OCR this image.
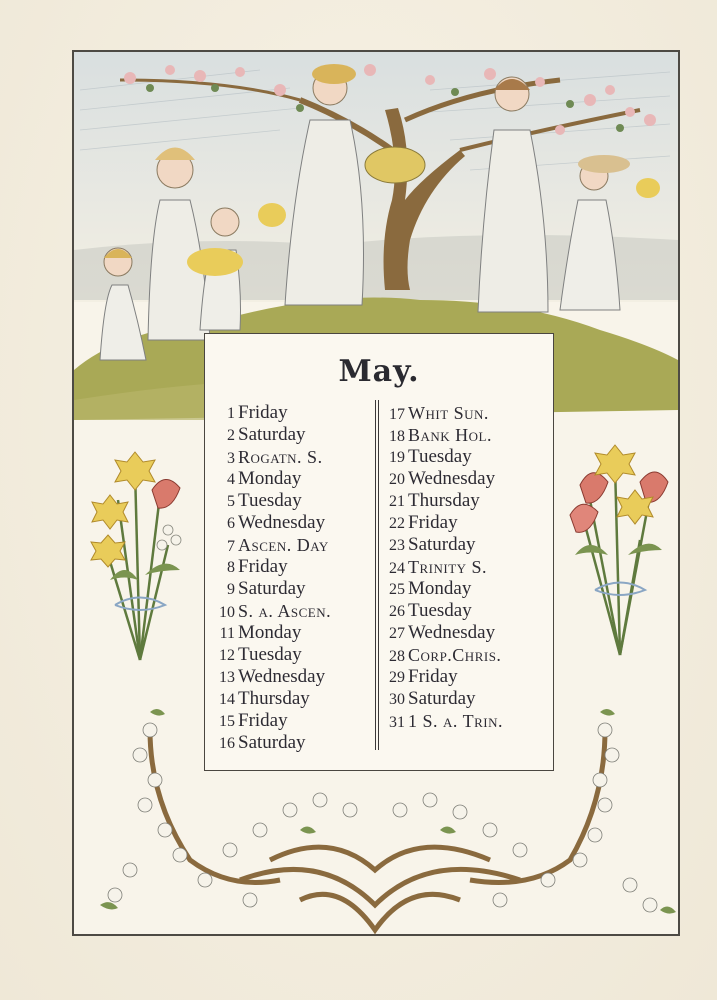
May.
1 Friday
2 Saturday
3 Rogatn. S.
4 Monday
5 Tuesday
6 Wednesday
7 Ascen. Day
8 Friday
9 Saturday
10 S. a. Ascen.
11 Monday
12 Tuesday
13 Wednesday
14 Thursday
15 Friday
16 Saturday
17 Whit Sun.
18 Bank Hol.
19 Tuesday
20 Wednesday
21 Thursday
22 Friday
23 Saturday
24 Trinity S.
25 Monday
26 Tuesday
27 Wednesday
28 Corp.Chris.
29 Friday
30 Saturday
31 1 S. a. Trin.
